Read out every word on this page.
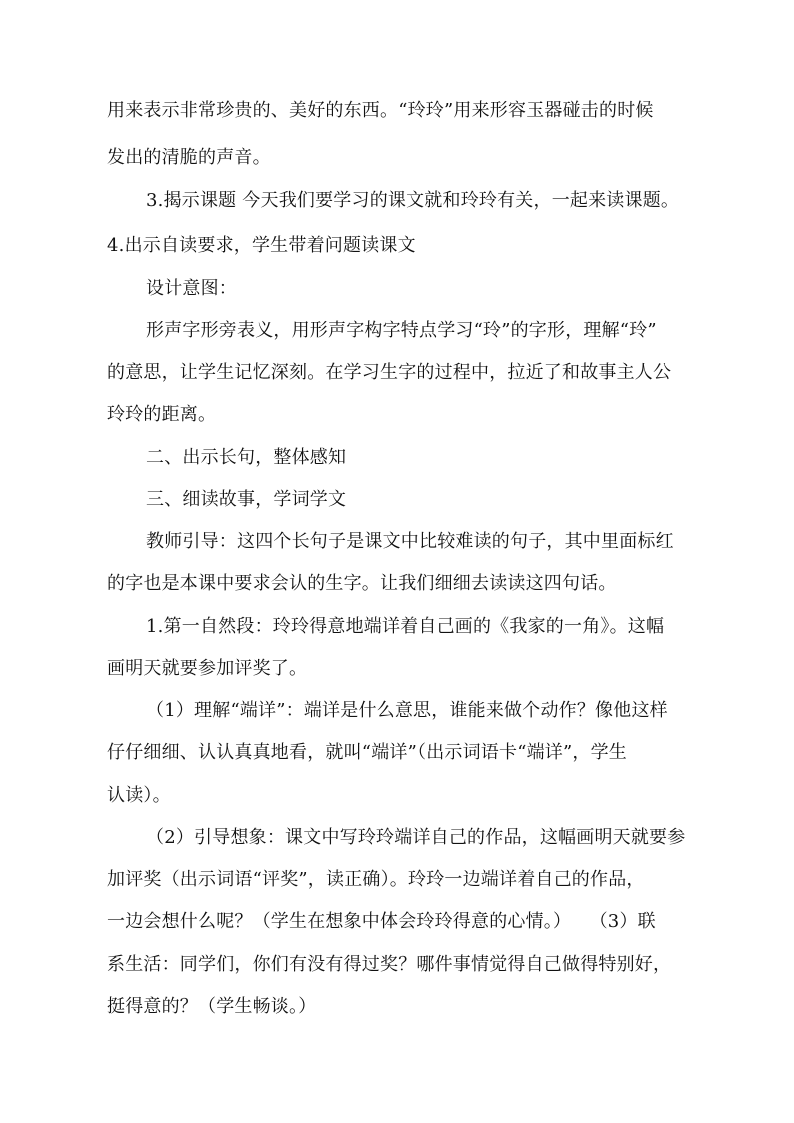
用来表示非常珍贵的、美好的东西。“玲玲”用来形容玉器碰击的时候
发出的清脆的声音。
3.揭示课题 今天我们要学习的课文就和玲玲有关，一起来读课题。
4.出示自读要求，学生带着问题读课文
设计意图：
形声字形旁表义，用形声字构字特点学习“玲”的字形，理解“玲”
的意思，让学生记忆深刻。在学习生字的过程中，拉近了和故事主人公
玲玲的距离。
二、出示长句，整体感知
三、细读故事，学词学文
教师引导：这四个长句子是课文中比较难读的句子，其中里面标红
的字也是本课中要求会认的生字。让我们细细去读读这四句话。
1.第一自然段：玲玲得意地端详着自己画的《我家的一角》。这幅
画明天就要参加评奖了。
（1）理解“端详”：端详是什么意思，谁能来做个动作？像他这样
仔仔细细、认认真真地看，就叫“端详”（出示词语卡“端详”，学生
认读）。
（2）引导想象：课文中写玲玲端详自己的作品，这幅画明天就要参
加评奖（出示词语“评奖”，读正确）。玲玲一边端详着自己的作品，
一边会想什么呢？（学生在想象中体会玲玲得意的心情。）　　（3）联
系生活：同学们，你们有没有得过奖？哪件事情觉得自己做得特别好，
挺得意的？（学生畅谈。）
